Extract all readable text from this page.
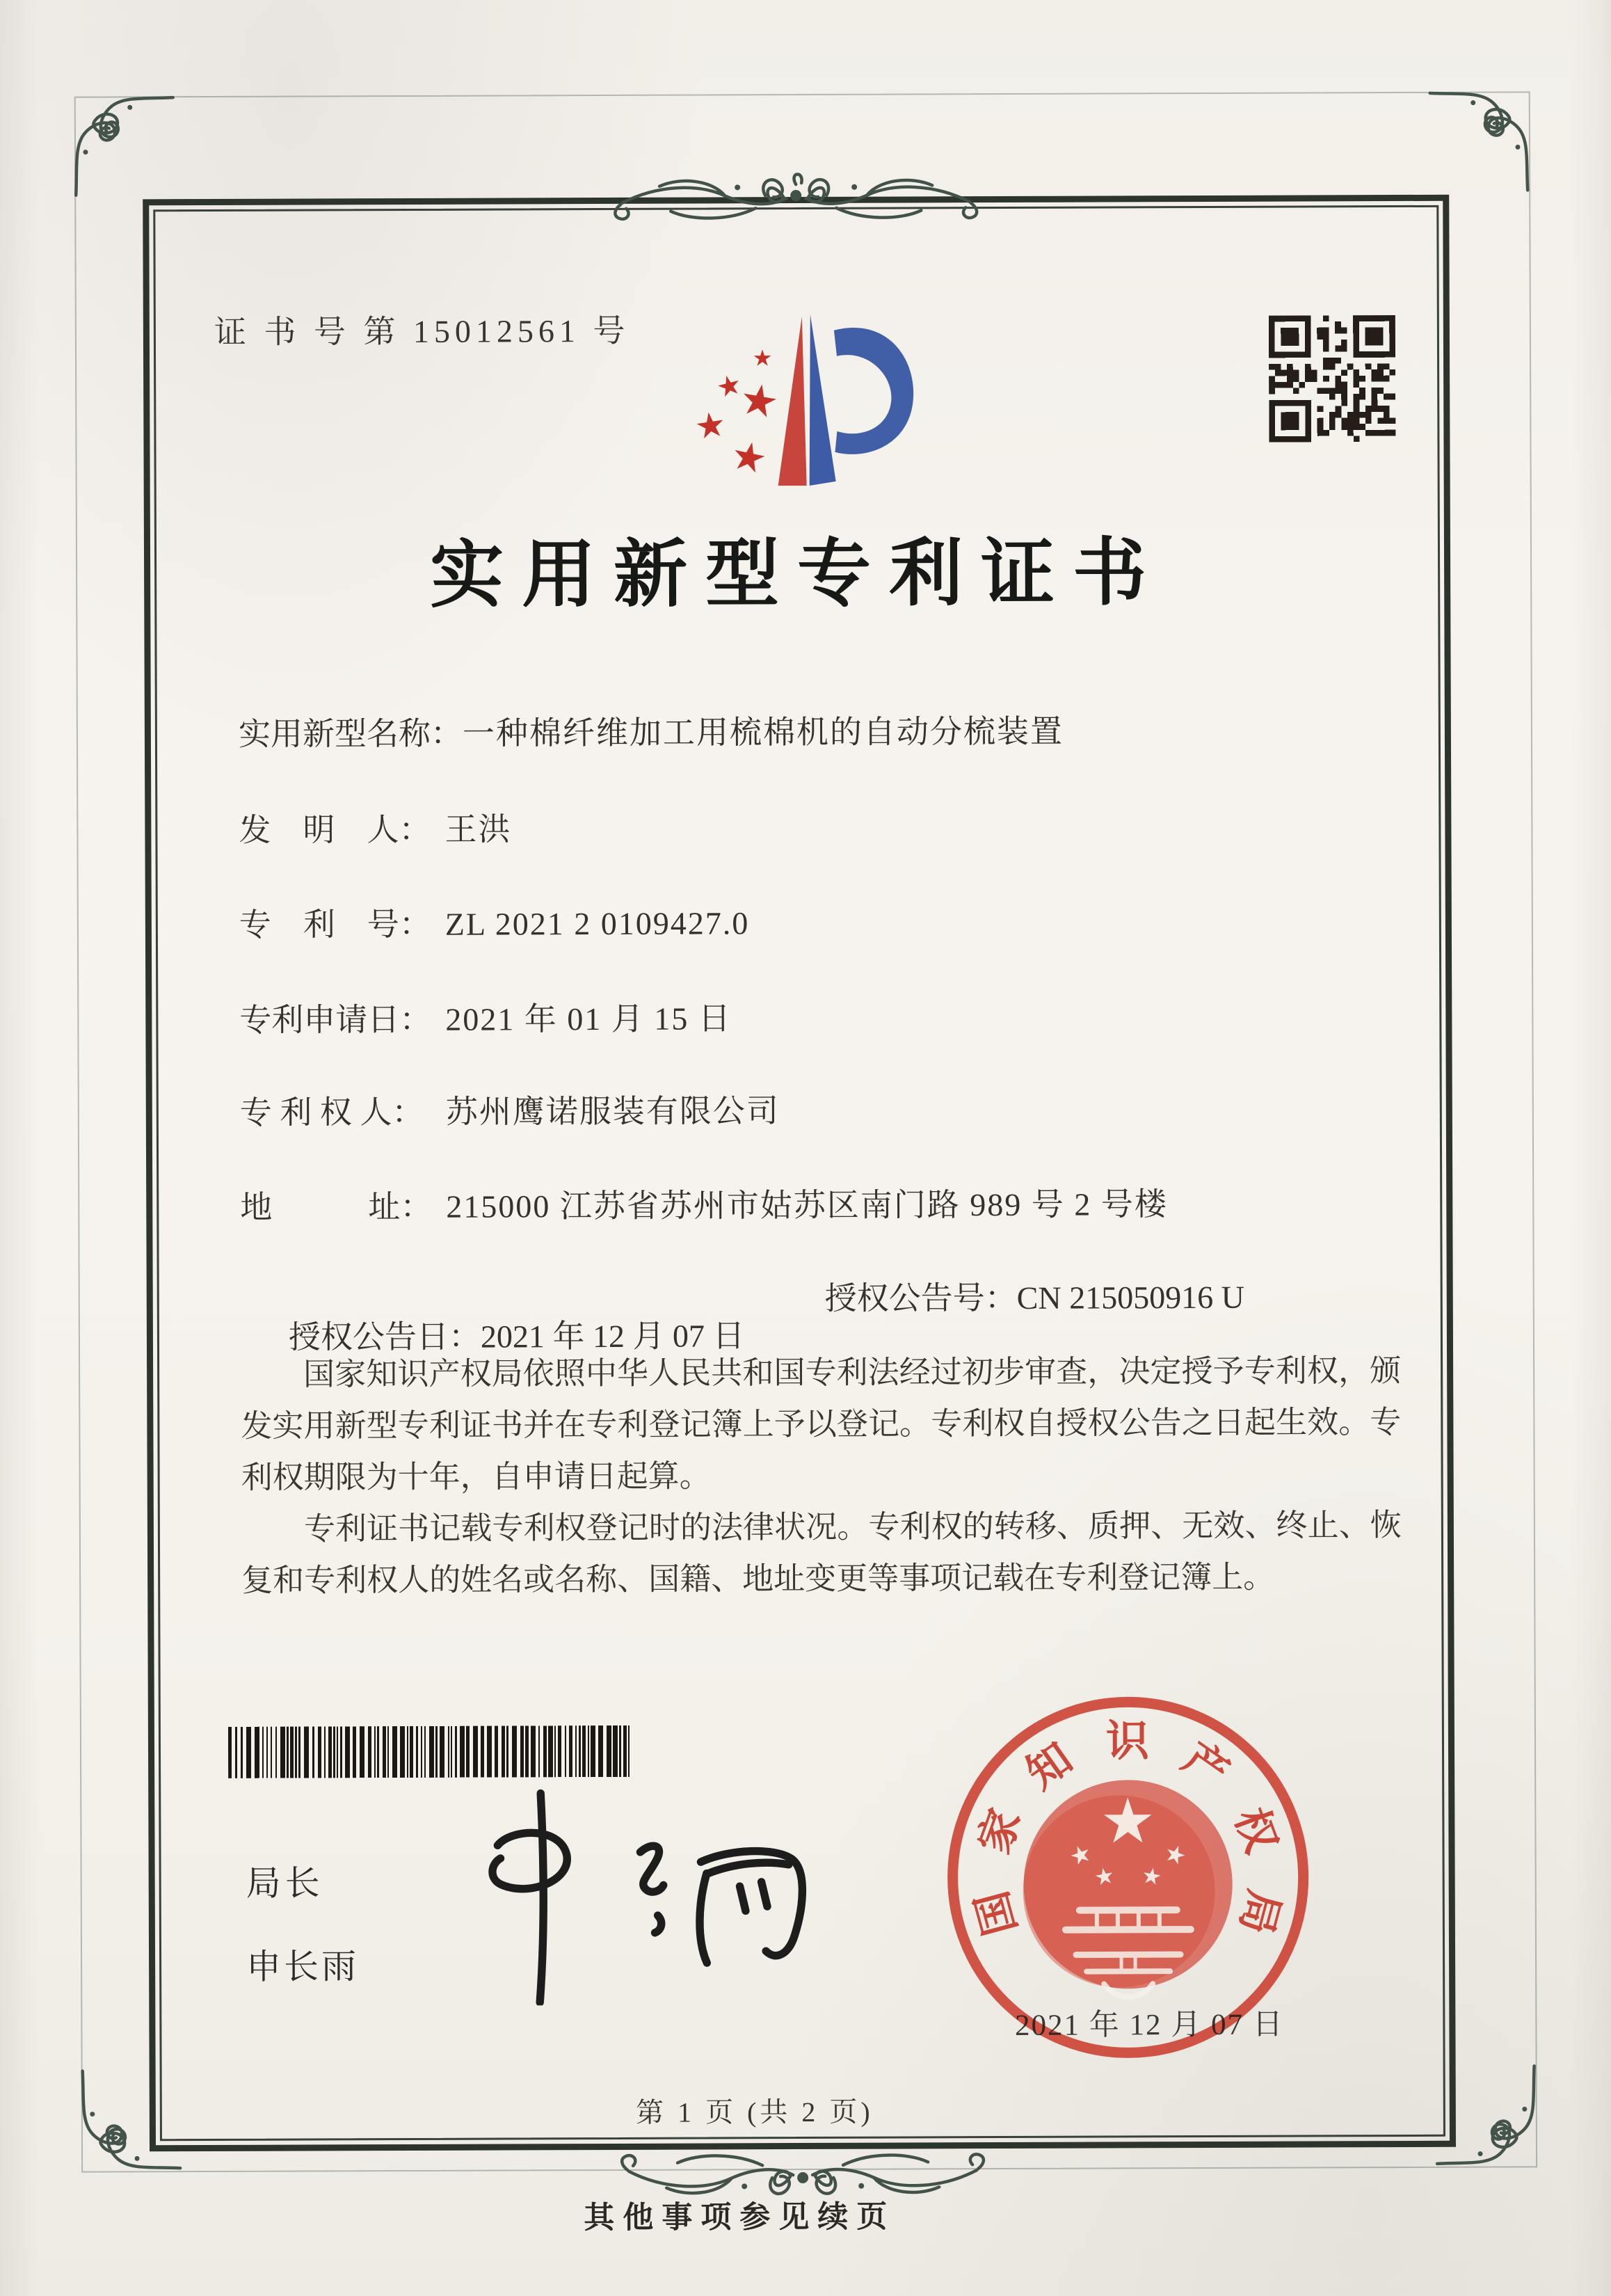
证 书 号 第 15012561 号
实用新型专利证书
实用新型名称：一种棉纤维加工用梳棉机的自动分梳装置
发　明　人： 王洪
专　利　号： ZL 2021 2 0109427.0
专利申请日： 2021 年 01 月 15 日
专 利 权 人： 苏州鹰诺服装有限公司
地　　　址： 215000 江苏省苏州市姑苏区南门路 989 号 2 号楼

授权公告日：2021 年 12 月 07 日

授权公告号：CN 215050916 U

国家知识产权局依照中华人民共和国专利法经过初步审查，决定授予专利权，颁发实用新型专利证书并在专利登记簿上予以登记。专利权自授权公告之日起生效。专利权期限为十年，自申请日起算。

专利证书记载专利权登记时的法律状况。专利权的转移、质押、无效、终止、恢复和专利权人的姓名或名称、国籍、地址变更等事项记载在专利登记簿上。

局长
申长雨
国
家
知 识 产
权
局
2021 年 12 月 07 日
第 1 页 (共 2 页)
其他事项参见续页
